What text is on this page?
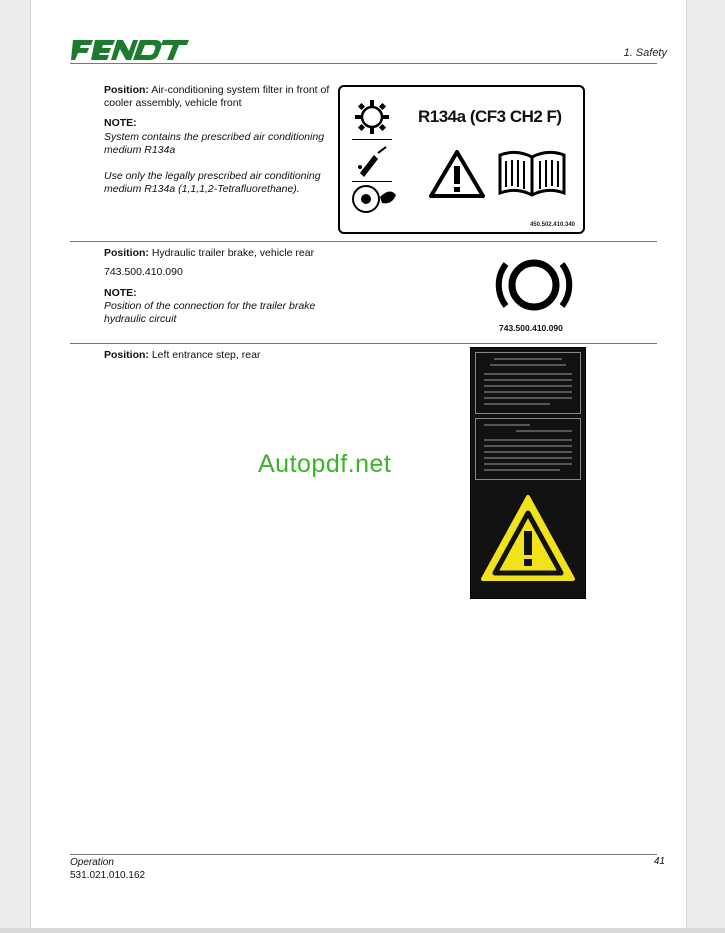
1. Safety
Position: Air-conditioning system filter in front of cooler assembly, vehicle front
NOTE:
System contains the prescribed air conditioning medium R134a
Use only the legally prescribed air conditioning medium R134a (1,1,1,2-Tetrafluorethane).
R134a (CF3 CH2 F)
450.502.410.340
Position: Hydraulic trailer brake, vehicle rear
743.500.410.090
NOTE:
Position of the connection for the trailer brake hydraulic circuit
743.500.410.090
Position: Left entrance step, rear
Autopdf.net
Operation
531.021.010.162
41
